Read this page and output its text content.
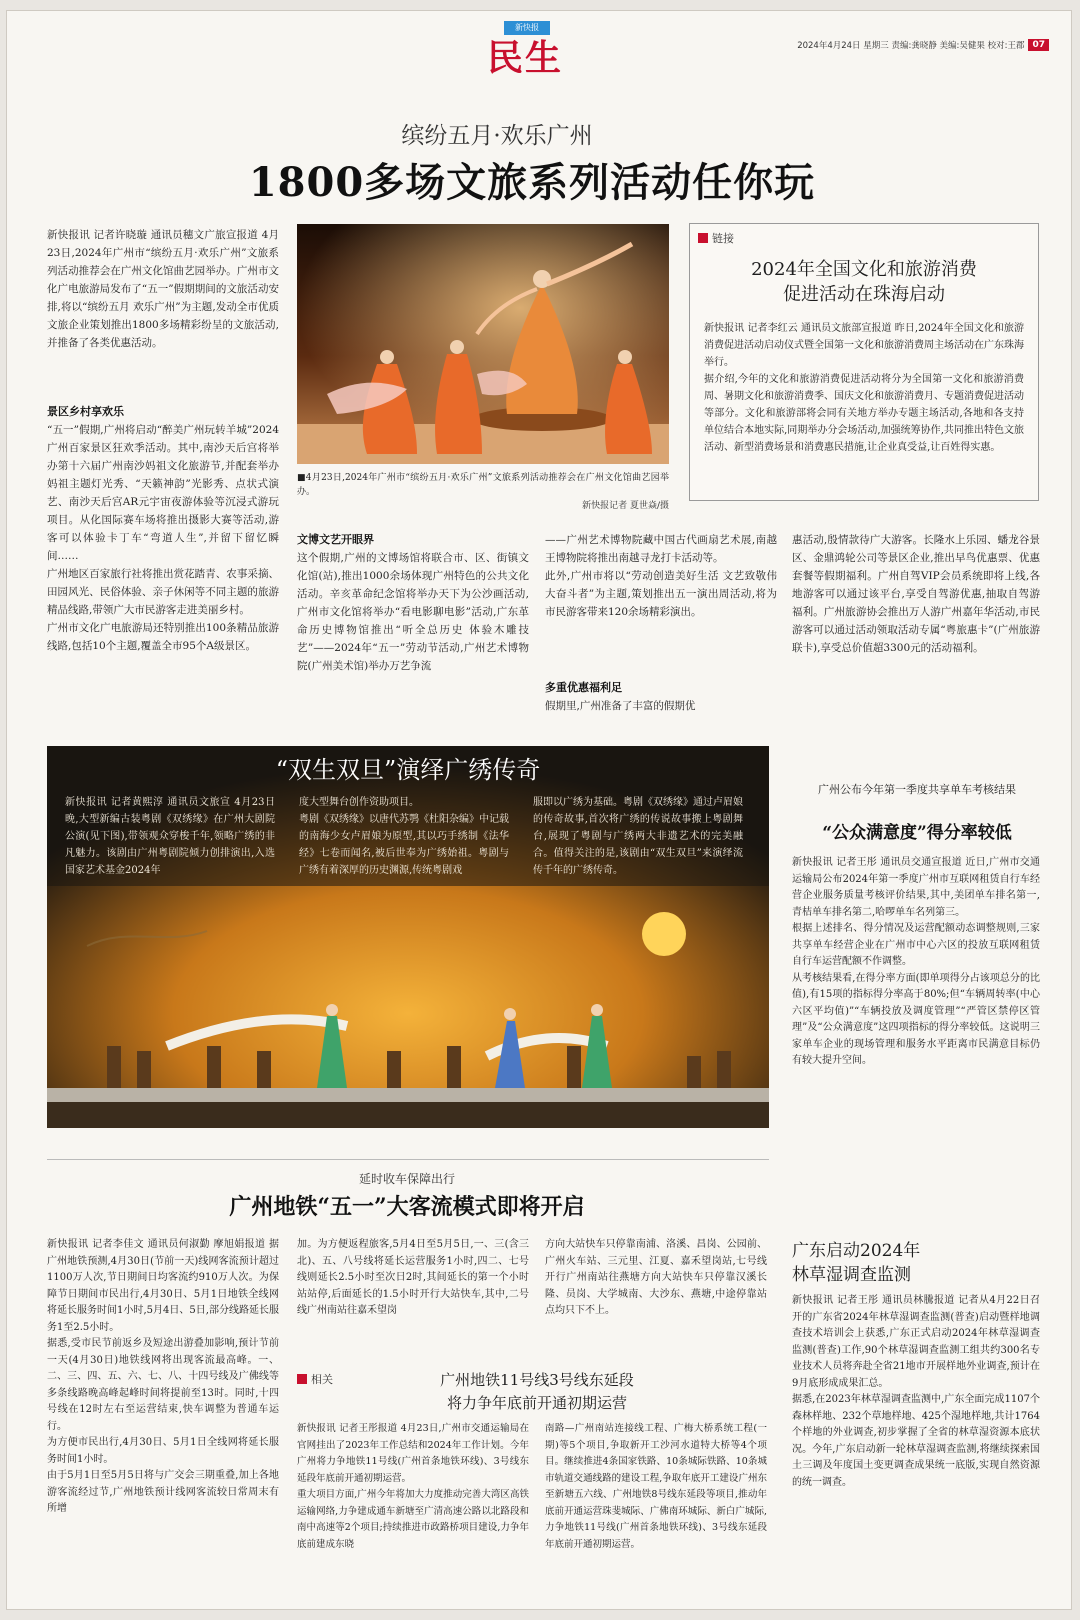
新快报
民生	2024年4月24日 星期三 责编:龚晓静 美编:吴健果 校对:王郡 07
缤纷五月·欢乐广州
1800多场文旅系列活动任你玩

新快报讯 记者许晓璇 通讯员穗文广旅宣报道 4月23日,2024年广州市“缤纷五月·欢乐广州”文旅系列活动推荐会在广州文化馆曲艺园举办。广州市文化广电旅游局发布了“五一”假期期间的文旅活动安排,将以“缤纷五月 欢乐广州”为主题,发动全市优质文旅企业策划推出1800多场精彩纷呈的文旅活动,并推备了各类优惠活动。

景区乡村享欢乐

“五一”假期,广州将启动“醉美广州玩转羊城”2024广州百家景区狂欢季活动。其中,南沙天后宫将举办第十六届广州南沙妈祖文化旅游节,并配套举办妈祖主题灯光秀、“天籁神韵”光影秀、点状式演艺、南沙天后宫AR元宇宙夜游体验等沉浸式游玩项目。从化国际赛车场将推出摄影大赛等活动,游客可以体验卡丁车“弯道人生”,并留下留忆瞬间……
广州地区百家旅行社将推出赏花踏青、农事采摘、田园风光、民俗体验、亲子休闲等不同主题的旅游精品线路,带领广大市民游客走进美丽乡村。
广州市文化广电旅游局还特别推出100条精品旅游线路,包括10个主题,覆盖全市95个A级景区。

■4月23日,2024年广州市“缤纷五月·欢乐广州”文旅系列活动推荐会在广州文化馆曲艺园举办。

新快报记者 夏世焱/摄

链接
2024年全国文化和旅游消费
促进活动在珠海启动

新快报讯 记者李红云 通讯员文旅部宣报道 昨日,2024年全国文化和旅游消费促进活动启动仪式暨全国第一文化和旅游消费周主场活动在广东珠海举行。
据介绍,今年的文化和旅游消费促进活动将分为全国第一文化和旅游消费周、暑期文化和旅游消费季、国庆文化和旅游消费月、专题消费促进活动等部分。文化和旅游部将会同有关地方举办专题主场活动,各地和各支持单位结合本地实际,同期举办分会场活动,加强统筹协作,共同推出特色文旅活动、新型消费场景和消费惠民措施,让企业真受益,让百姓得实惠。

文博文艺开眼界

这个假期,广州的文博场馆将联合市、区、街镇文化馆(站),推出1000余场体现广州特色的公共文化活动。辛亥革命纪念馆将举办天下为公沙画活动,广州市文化馆将举办“看电影聊电影”活动,广东革命历史博物馆推出“听全总历史 体验木雕技艺”——2024年“五一”劳动节活动,广州艺术博物院(广州美术馆)举办万艺争流

——广州艺术博物院藏中国古代画扇艺术展,南越王博物院将推出南越寻龙打卡活动等。
此外,广州市将以“劳动创造美好生活 文艺致敬伟大奋斗者”为主题,策划推出五一演出周活动,将为市民游客带来120余场精彩演出。

多重优惠福利足

假期里,广州准备了丰富的假期优

惠活动,殷情款待广大游客。长隆水上乐园、蟠龙谷景区、金鼎鸿轮公司等景区企业,推出早鸟优惠票、优惠套餐等假期福利。广州自驾VIP会员系统即将上线,各地游客可以通过该平台,享受自驾游优惠,抽取自驾游福利。广州旅游协会推出万人游广州嘉年华活动,市民游客可以通过活动领取活动专属“粤旅惠卡”(广州旅游联卡),享受总价值超3300元的活动福利。

“双生双旦”演绎广绣传奇

新快报讯 记者黄熙淳 通讯员文旅宣 4月23日晚,大型新编古装粤剧《双绣缘》在广州大剧院公演(见下图),带领观众穿梭千年,领略广绣的非凡魅力。该剧由广州粤剧院倾力创排演出,入选国家艺术基金2024年

度大型舞台创作资助项目。
粤剧《双绣缘》以唐代苏鹗《杜阳杂编》中记载的南海少女卢眉娘为原型,其以巧手绣制《法华经》七卷而闻名,被后世奉为广绣始祖。粤剧与广绣有着深厚的历史渊源,传统粤剧戏

服即以广绣为基础。粤剧《双绣缘》通过卢眉娘的传奇故事,首次将广绣的传说故事搬上粤剧舞台,展现了粤剧与广绣两大非遗艺术的完美融合。值得关注的是,该剧由“双生双旦”来演绎流传千年的广绣传奇。

广州公布今年第一季度共享单车考核结果

“公众满意度”得分率较低

新快报讯 记者王彤 通讯员交通宣报道 近日,广州市交通运输局公布2024年第一季度广州市互联网租赁自行车经营企业服务质量考核评价结果,其中,美团单车排名第一,青桔单车排名第二,哈啰单车名列第三。
根据上述排名、得分情况及运营配额动态调整规则,三家共享单车经营企业在广州市中心六区的投放互联网租赁自行车运营配额不作调整。
从考核结果看,在得分率方面(即单项得分占该项总分的比值),有15项的指标得分率高于80%;但“车辆周转率(中心六区平均值)”“车辆投放及调度管理”“严管区禁停区管理”及“公众满意度”这四项指标的得分率较低。这说明三家单车企业的现场管理和服务水平距离市民满意目标仍有较大提升空间。

延时收车保障出行
广州地铁“五一”大客流模式即将开启

新快报讯 记者李佳文 通讯员何淑勤 摩旭娟报道 据广州地铁预测,4月30日(节前一天)线网客流预计超过1100万人次,节日期间日均客流约910万人次。为保障节日期间市民出行,4月30日、5月1日地铁全线网将延长服务时间1小时,5月4日、5日,部分线路延长服务1至2.5小时。
据悉,受市民节前返乡及短途出游叠加影响,预计节前一天(4月30日)地铁线网将出现客流最高峰。一、二、三、四、五、六、七、八、十四号线及广佛线等多条线路晚高峰起峰时间将提前至13时。同时,十四号线在12时左右至运营结束,快车调整为普通车运行。
为方便市民出行,4月30日、5月1日全线网将延长服务时间1小时。
由于5月1日至5月5日将与广交会三期重叠,加上各地游客流经过节,广州地铁预计线网客流较日常周末有所增

加。为方便返程旅客,5月4日至5月5日,一、三(含三北)、五、八号线将延长运营服务1小时,四二、七号线则延长2.5小时至次日2时,其间延长的第一个小时站站停,后面延长的1.5小时开行大站快车,其中,二号线广州南站往嘉禾望岗

方向大站快车只停靠南浦、洛溪、昌岗、公园前、广州火车站、三元里、江夏、嘉禾望岗站,七号线开行广州南站往燕塘方向大站快车只停靠汉溪长隆、员岗、大学城南、大沙东、燕塘,中途停靠站点均只下不上。

相关	广州地铁11号线3号线东延段
将力争年底前开通初期运营

新快报讯 记者王彤报道 4月23日,广州市交通运输局在官网挂出了2023年工作总结和2024年工作计划。今年广州将力争地铁11号线(广州首条地铁环线)、3号线东延段年底前开通初期运营。
重大项目方面,广州今年将加大力度推动完善大湾区高铁运输网络,力争建成通车新塘至广清高速公路以北路段和南中高速等2个项目;持续推进市政路桥项目建设,力争年底前建成东晓

南路—广州南站连接线工程、广梅大桥系统工程(一期)等5个项目,争取新开工沙河水道特大桥等4个项目。继续推进4条国家铁路、10条城际铁路、10条城市轨道交通线路的建设工程,争取年底开工建设广州东至新塘五六线、广州地铁8号线东延段等项目,推动年底前开通运营珠斐城际、广佛南环城际、新白广城际,力争地铁11号线(广州首条地铁环线)、3号线东延段年底前开通初期运营。

广东启动2024年
林草湿调查监测

新快报讯 记者王彤 通讯员林騰报道 记者从4月22日召开的广东省2024年林草湿调查监测(普查)启动暨样地调查技术培训会上获悉,广东正式启动2024年林草湿调查监测(普查)工作,90个林草湿调查监测工组共约300名专业技术人员将奔赴全省21地市开展样地外业调查,预计在9月底形成成果汇总。
据悉,在2023年林草湿调查监测中,广东全面完成1107个森林样地、232个草地样地、425个湿地样地,共计1764个样地的外业调查,初步掌握了全省的林草湿资源本底状况。今年,广东启动新一轮林草湿调查监测,将继续探索国土三调及年度国土变更调查成果统一底版,实现自然资源的统一调查。
